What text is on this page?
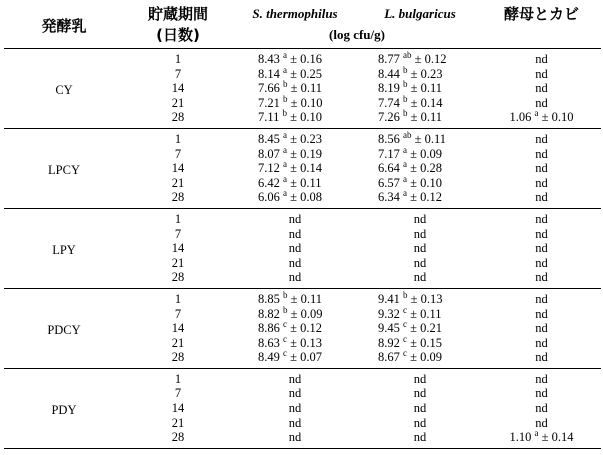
発酵乳	貯蔵期間	S. thermophilus	L. bulgaricus	酵母とカビ
	(日数)	(log cfu/g)		
CY	1	8.43 $^a$ ± 0.16	8.77 $^{ab}$ ± 0.12	nd
	7	8.14 $^a$ ± 0.25	8.44 $^b$ ± 0.23	nd
	14	7.66 $^b$ ± 0.11	8.19 $^b$ ± 0.11	nd
	21	7.21 $^b$ ± 0.10	7.74 $^b$ ± 0.14	nd
	28	7.11 $^b$ ± 0.10	7.26 $^b$ ± 0.11	1.06 $^a$ ± 0.10
LPCY	1	8.45 $^a$ ± 0.23	8.56 $^{ab}$ ± 0.11	nd
	7	8.07 $^a$ ± 0.19	7.17 $^a$ ± 0.09	nd
	14	7.12 $^a$ ± 0.14	6.64 $^a$ ± 0.28	nd
	21	6.42 $^a$ ± 0.11	6.57 $^a$ ± 0.10	nd
	28	6.06 $^a$ ± 0.08	6.34 $^a$ ± 0.12	nd
LPY	1	nd	nd	nd
	7	nd	nd	nd
	14	nd	nd	nd
	21	nd	nd	nd
	28	nd	nd	nd
PDCY	1	8.85 $^b$ ± 0.11	9.41 $^b$ ± 0.13	nd
	7	8.82 $^b$ ± 0.09	9.32 $^c$ ± 0.11	nd
	14	8.86 $^c$ ± 0.12	9.45 $^c$ ± 0.21	nd
	21	8.63 $^c$ ± 0.13	8.92 $^c$ ± 0.15	nd
	28	8.49 $^c$ ± 0.07	8.67 $^c$ ± 0.09	nd
PDY	1	nd	nd	nd
	7	nd	nd	nd
	14	nd	nd	nd
	21	nd	nd	nd
	28	nd	nd	1.10 $^a$ ± 0.14
